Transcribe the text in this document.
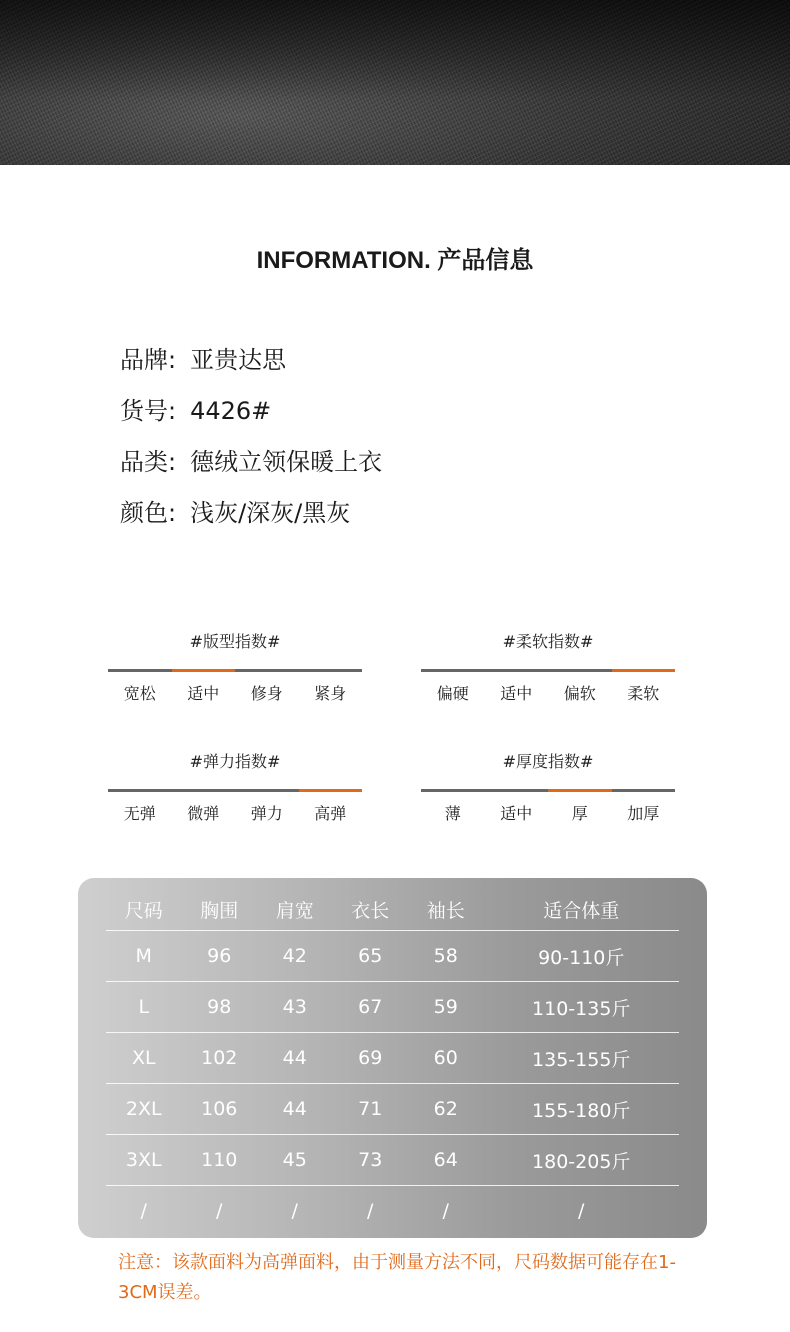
INFORMATION. 产品信息
品牌: 亚贵达思
货号: 4426#
品类: 德绒立领保暖上衣
颜色: 浅灰/深灰/黑灰
#版型指数#
宽松	适中	修身	紧身
#柔软指数#
偏硬	适中	偏软	柔软
#弹力指数#
无弹	微弹	弹力	高弹
#厚度指数#
薄	适中	厚	加厚
尺码	胸围	肩宽	衣长	袖长	适合体重
M	96	42	65	58	90-110斤
L	98	43	67	59	110-135斤
XL	102	44	69	60	135-155斤
2XL	106	44	71	62	155-180斤
3XL	110	45	73	64	180-205斤
/	/	/	/	/	/
注意：该款面料为高弹面料，由于测量方法不同，尺码数据可能存在1-3CM误差。
